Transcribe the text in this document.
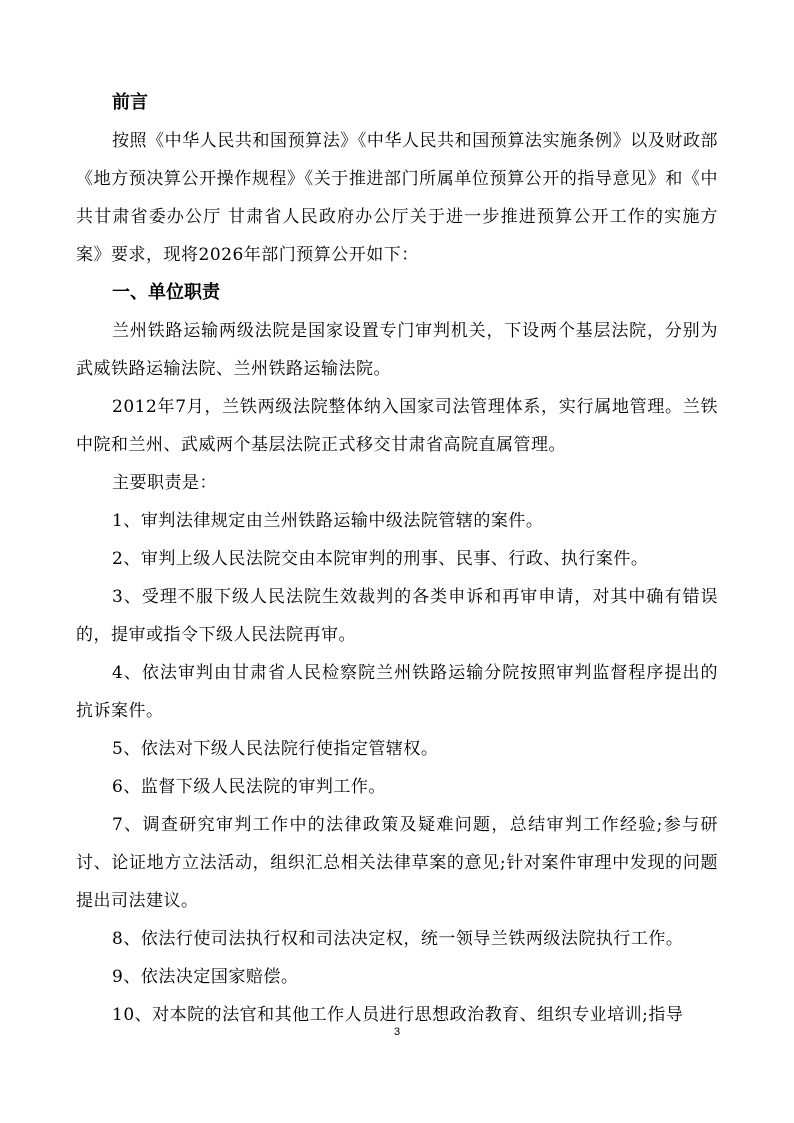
前言

按照《中华人民共和国预算法》《中华人民共和国预算法实施条例》以及财政部《地方预决算公开操作规程》《关于推进部门所属单位预算公开的指导意见》和《中共甘肃省委办公厅 甘肃省人民政府办公厅关于进一步推进预算公开工作的实施方案》要求，现将2026年部门预算公开如下：

一、单位职责

兰州铁路运输两级法院是国家设置专门审判机关，下设两个基层法院，分别为武威铁路运输法院、兰州铁路运输法院。

2012年7月，兰铁两级法院整体纳入国家司法管理体系，实行属地管理。兰铁中院和兰州、武威两个基层法院正式移交甘肃省高院直属管理。

主要职责是：

1、审判法律规定由兰州铁路运输中级法院管辖的案件。

2、审判上级人民法院交由本院审判的刑事、民事、行政、执行案件。

3、受理不服下级人民法院生效裁判的各类申诉和再审申请，对其中确有错误的，提审或指令下级人民法院再审。

4、依法审判由甘肃省人民检察院兰州铁路运输分院按照审判监督程序提出的抗诉案件。

5、依法对下级人民法院行使指定管辖权。

6、监督下级人民法院的审判工作。

7、调查研究审判工作中的法律政策及疑难问题，总结审判工作经验;参与研讨、论证地方立法活动，组织汇总相关法律草案的意见;针对案件审理中发现的问题提出司法建议。

8、依法行使司法执行权和司法决定权，统一领导兰铁两级法院执行工作。

9、依法决定国家赔偿。

10、对本院的法官和其他工作人员进行思想政治教育、组织专业培训;指导

3
